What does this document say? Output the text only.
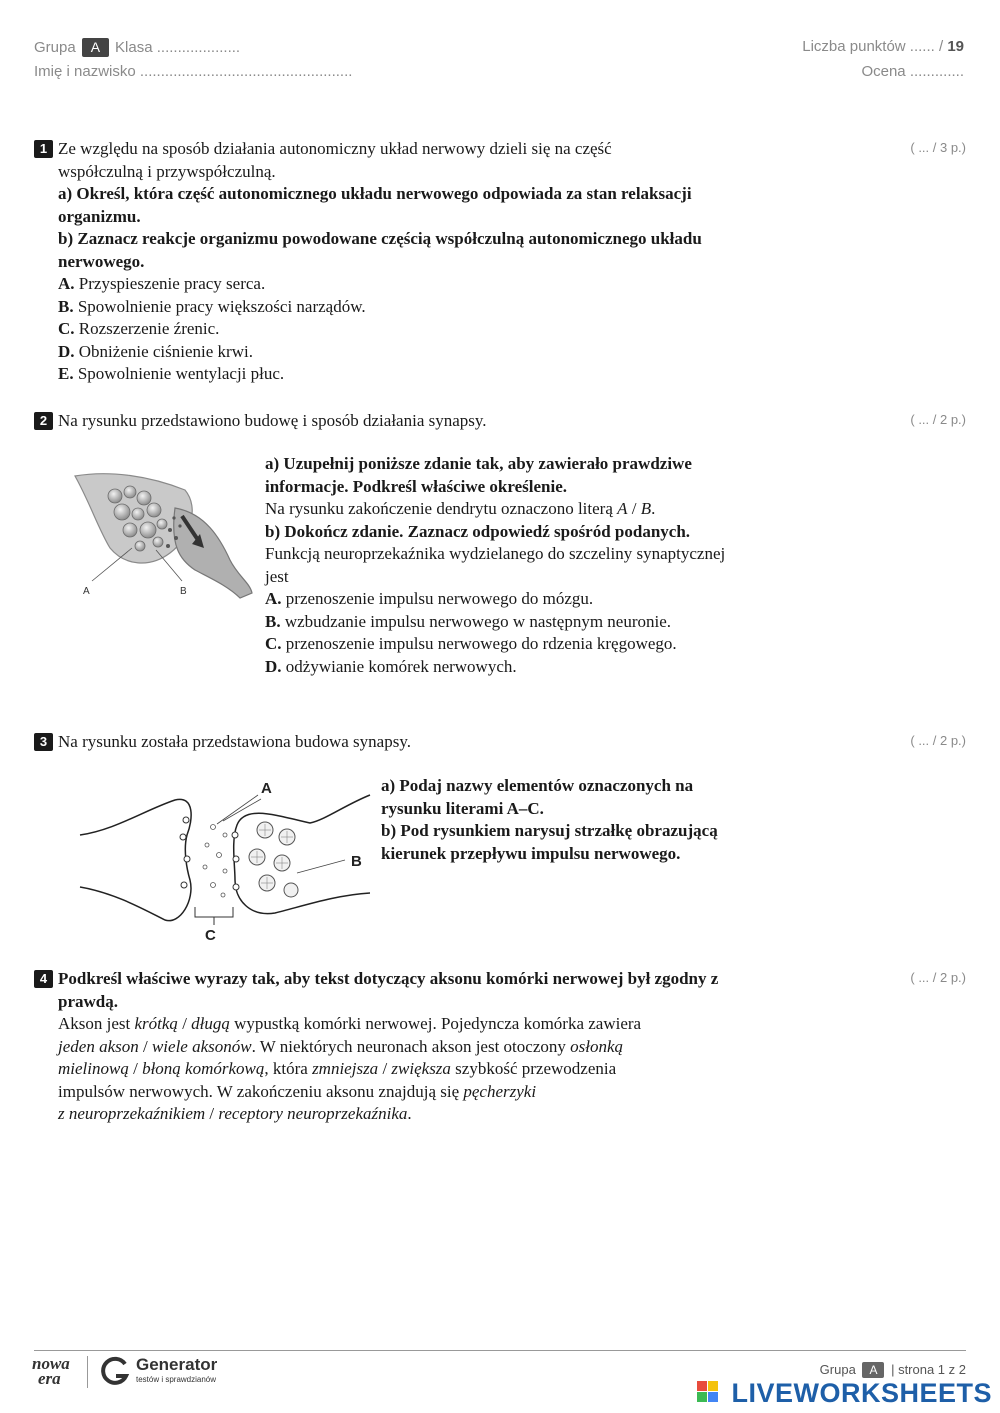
Grupa A Klasa ....................
Imię i nazwisko ...................................................
Liczba punktów ...... / 19
Ocena .............
1 Ze względu na sposób działania autonomiczny układ nerwowy dzieli się na część
współczulną i przywspółczulną.
a) Określ, która część autonomicznego układu nerwowego odpowiada za stan relaksacji organizmu.
b) Zaznacz reakcje organizmu powodowane częścią współczulną autonomicznego układu nerwowego.
A. Przyspieszenie pracy serca.
B. Spowolnienie pracy większości narządów.
C. Rozszerzenie źrenic.
D. Obniżenie ciśnienie krwi.
E. Spowolnienie wentylacji płuc.
( ... / 3 p.)
2 Na rysunku przedstawiono budowę i sposób działania synapsy.	( ... / 2 p.)
A	B
a) Uzupełnij poniższe zdanie tak, aby zawierało prawdziwe informacje. Podkreśl właściwe określenie.
Na rysunku zakończenie dendrytu oznaczono literą A / B.
b) Dokończ zdanie. Zaznacz odpowiedź spośród podanych.
Funkcją neuroprzekaźnika wydzielanego do szczeliny synaptycznej jest
A. przenoszenie impulsu nerwowego do mózgu.
B. wzbudzanie impulsu nerwowego w następnym neuronie.
C. przenoszenie impulsu nerwowego do rdzenia kręgowego.
D. odżywianie komórek nerwowych.
3 Na rysunku została przedstawiona budowa synapsy.	( ... / 2 p.)
A
B
C
a) Podaj nazwy elementów oznaczonych na rysunku literami A–C.
b) Pod rysunkiem narysuj strzałkę obrazującą kierunek przepływu impulsu nerwowego.
4 Podkreśl właściwe wyrazy tak, aby tekst dotyczący aksonu komórki nerwowej był zgodny z prawdą.
Akson jest krótką / długą wypustką komórki nerwowej. Pojedyncza komórka zawiera
jeden akson / wiele aksonów. W niektórych neuronach akson jest otoczony osłonką
mielinową / błoną komórkową, która zmniejsza / zwiększa szybkość przewodzenia
impulsów nerwowych. W zakończeniu aksonu znajdują się pęcherzyki
z neuroprzekaźnikiem / receptory neuroprzekaźnika.
( ... / 2 p.)
nowa
era
Generator
testów i sprawdzianów
Grupa A | strona 1 z 2
LIVEWORKSHEETS
